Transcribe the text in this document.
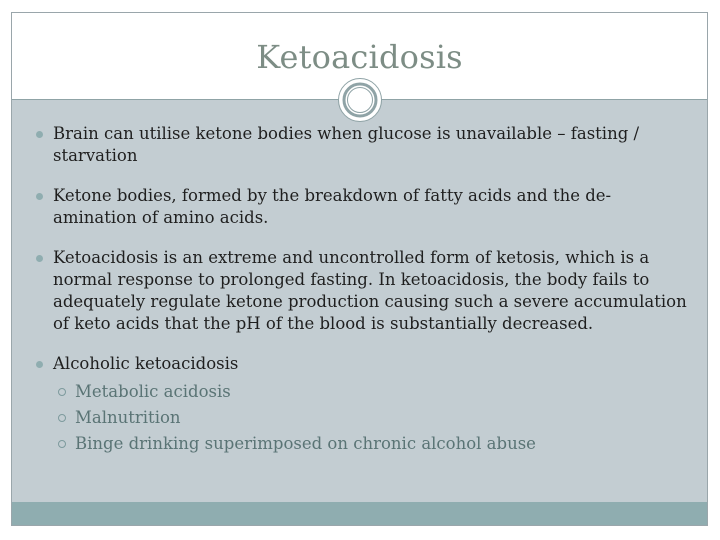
Ketoacidosis
Brain can utilise ketone bodies when glucose is unavailable – fasting / starvation
Ketone bodies, formed by the breakdown of fatty acids and the de-amination of amino acids.
Ketoacidosis is an extreme and uncontrolled form of ketosis, which is a normal response to prolonged fasting. In ketoacidosis, the body fails to adequately regulate ketone production causing such a severe accumulation of keto acids that the pH of the blood is substantially decreased.
Alcoholic ketoacidosis
Metabolic acidosis
Malnutrition
Binge drinking superimposed on chronic alcohol abuse
